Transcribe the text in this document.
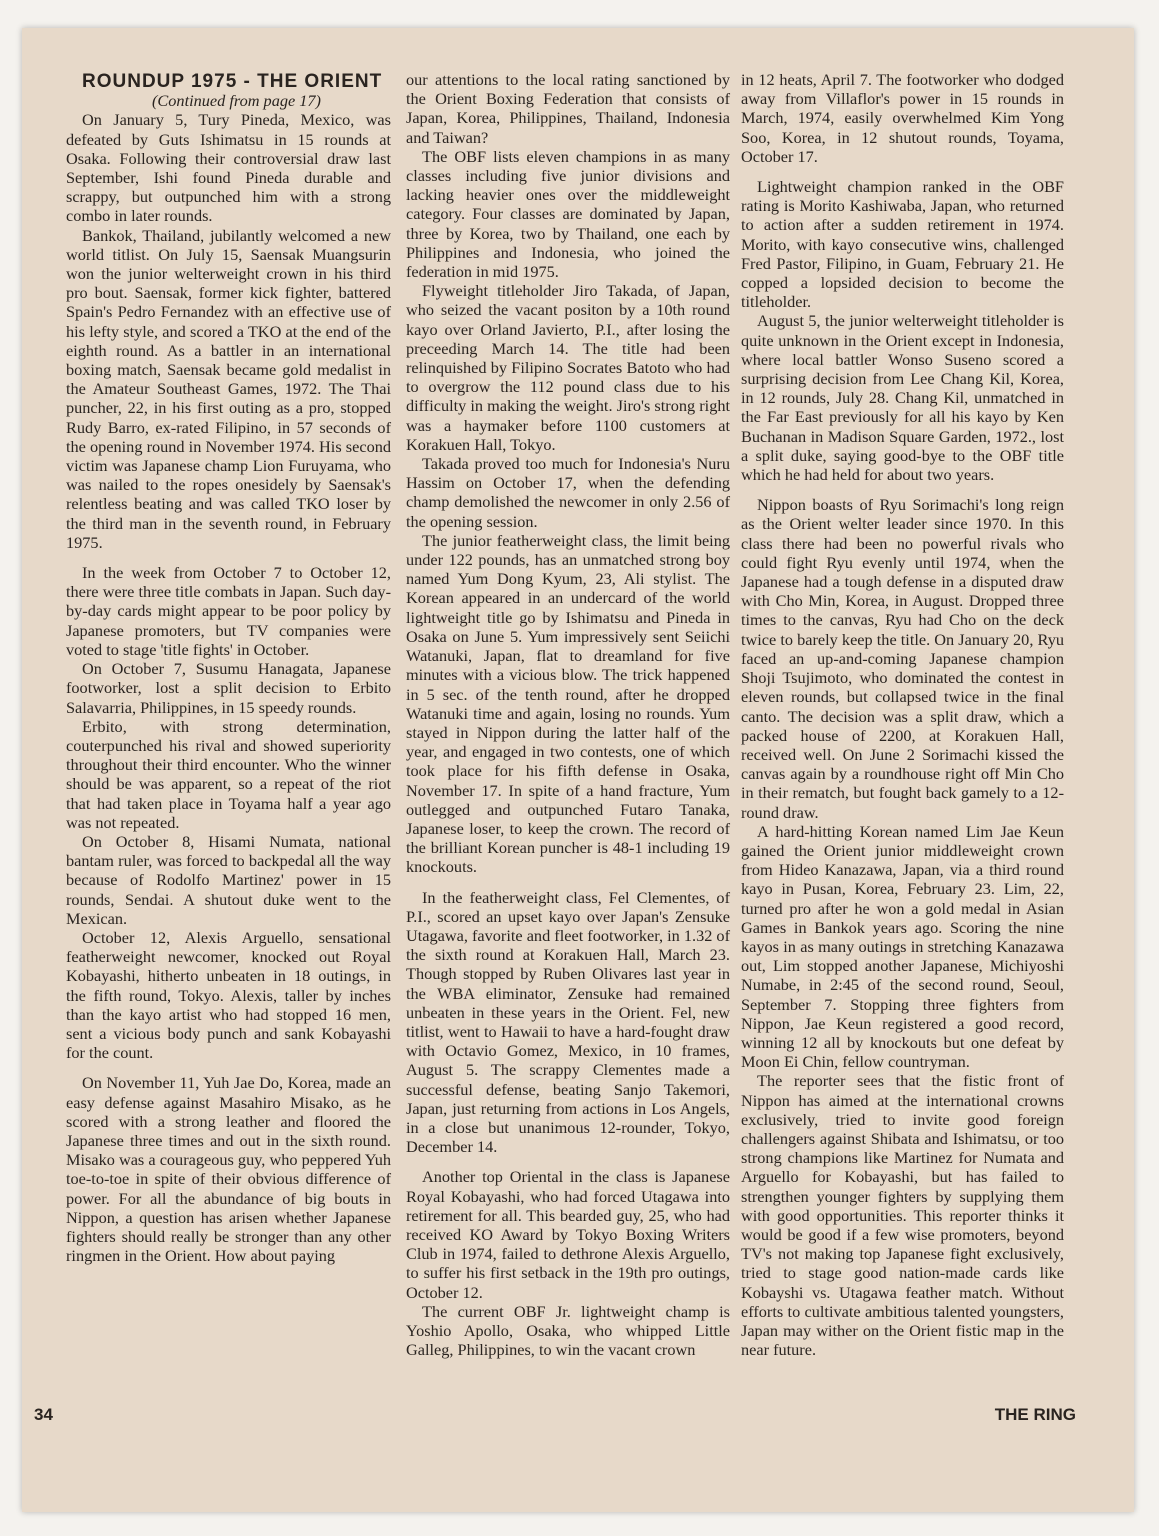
ROUNDUP 1975 - THE ORIENT

(Continued from page 17)

On January 5, Tury Pineda, Mexico, was defeated by Guts Ishimatsu in 15 rounds at Osaka. Following their controversial draw last September, Ishi found Pineda durable and scrappy, but outpunched him with a strong combo in later rounds.

Bankok, Thailand, jubilantly welcomed a new world titlist. On July 15, Saensak Muangsurin won the junior welterweight crown in his third pro bout. Saensak, former kick fighter, battered Spain's Pedro Fernandez with an effective use of his lefty style, and scored a TKO at the end of the eighth round. As a battler in an international boxing match, Saensak became gold medalist in the Amateur Southeast Games, 1972. The Thai puncher, 22, in his first outing as a pro, stopped Rudy Barro, ex-rated Filipino, in 57 seconds of the opening round in November 1974. His second victim was Japanese champ Lion Furuyama, who was nailed to the ropes onesidely by Saensak's relentless beating and was called TKO loser by the third man in the seventh round, in February 1975.

In the week from October 7 to October 12, there were three title combats in Japan. Such day-by-day cards might appear to be poor policy by Japanese promoters, but TV companies were voted to stage 'title fights' in October.

On October 7, Susumu Hanagata, Japanese footworker, lost a split decision to Erbito Salavarria, Philippines, in 15 speedy rounds.

Erbito, with strong determination, couterpunched his rival and showed superiority throughout their third encounter. Who the winner should be was apparent, so a repeat of the riot that had taken place in Toyama half a year ago was not repeated.

On October 8, Hisami Numata, national bantam ruler, was forced to backpedal all the way because of Rodolfo Martinez' power in 15 rounds, Sendai. A shutout duke went to the Mexican.

October 12, Alexis Arguello, sensational featherweight newcomer, knocked out Royal Kobayashi, hitherto unbeaten in 18 outings, in the fifth round, Tokyo. Alexis, taller by inches than the kayo artist who had stopped 16 men, sent a vicious body punch and sank Kobayashi for the count.

On November 11, Yuh Jae Do, Korea, made an easy defense against Masahiro Misako, as he scored with a strong leather and floored the Japanese three times and out in the sixth round. Misako was a courageous guy, who peppered Yuh toe-to-toe in spite of their obvious difference of power. For all the abundance of big bouts in Nippon, a question has arisen whether Japanese fighters should really be stronger than any other ringmen in the Orient. How about paying

our attentions to the local rating sanctioned by the Orient Boxing Federation that consists of Japan, Korea, Philippines, Thailand, Indonesia and Taiwan?

The OBF lists eleven champions in as many classes including five junior divisions and lacking heavier ones over the middleweight category. Four classes are dominated by Japan, three by Korea, two by Thailand, one each by Philippines and Indonesia, who joined the federation in mid 1975.

Flyweight titleholder Jiro Takada, of Japan, who seized the vacant positon by a 10th round kayo over Orland Javierto, P.I., after losing the preceeding March 14. The title had been relinquished by Filipino Socrates Batoto who had to overgrow the 112 pound class due to his difficulty in making the weight. Jiro's strong right was a haymaker before 1100 customers at Korakuen Hall, Tokyo.

Takada proved too much for Indonesia's Nuru Hassim on October 17, when the defending champ demolished the newcomer in only 2.56 of the opening session.

The junior featherweight class, the limit being under 122 pounds, has an unmatched strong boy named Yum Dong Kyum, 23, Ali stylist. The Korean appeared in an undercard of the world lightweight title go by Ishimatsu and Pineda in Osaka on June 5. Yum impressively sent Seiichi Watanuki, Japan, flat to dreamland for five minutes with a vicious blow. The trick happened in 5 sec. of the tenth round, after he dropped Watanuki time and again, losing no rounds. Yum stayed in Nippon during the latter half of the year, and engaged in two contests, one of which took place for his fifth defense in Osaka, November 17. In spite of a hand fracture, Yum outlegged and outpunched Futaro Tanaka, Japanese loser, to keep the crown. The record of the brilliant Korean puncher is 48-1 including 19 knockouts.

In the featherweight class, Fel Clementes, of P.I., scored an upset kayo over Japan's Zensuke Utagawa, favorite and fleet footworker, in 1.32 of the sixth round at Korakuen Hall, March 23. Though stopped by Ruben Olivares last year in the WBA eliminator, Zensuke had remained unbeaten in these years in the Orient. Fel, new titlist, went to Hawaii to have a hard-fought draw with Octavio Gomez, Mexico, in 10 frames, August 5. The scrappy Clementes made a successful defense, beating Sanjo Takemori, Japan, just returning from actions in Los Angels, in a close but unanimous 12-rounder, Tokyo, December 14.

Another top Oriental in the class is Japanese Royal Kobayashi, who had forced Utagawa into retirement for all. This bearded guy, 25, who had received KO Award by Tokyo Boxing Writers Club in 1974, failed to dethrone Alexis Arguello, to suffer his first setback in the 19th pro outings, October 12.

The current OBF Jr. lightweight champ is Yoshio Apollo, Osaka, who whipped Little Galleg, Philippines, to win the vacant crown

in 12 heats, April 7. The footworker who dodged away from Villaflor's power in 15 rounds in March, 1974, easily overwhelmed Kim Yong Soo, Korea, in 12 shutout rounds, Toyama, October 17.

Lightweight champion ranked in the OBF rating is Morito Kashiwaba, Japan, who returned to action after a sudden retirement in 1974. Morito, with kayo consecutive wins, challenged Fred Pastor, Filipino, in Guam, February 21. He copped a lopsided decision to become the titleholder.

August 5, the junior welterweight titleholder is quite unknown in the Orient except in Indonesia, where local battler Wonso Suseno scored a surprising decision from Lee Chang Kil, Korea, in 12 rounds, July 28. Chang Kil, unmatched in the Far East previously for all his kayo by Ken Buchanan in Madison Square Garden, 1972., lost a split duke, saying good-bye to the OBF title which he had held for about two years.

Nippon boasts of Ryu Sorimachi's long reign as the Orient welter leader since 1970. In this class there had been no powerful rivals who could fight Ryu evenly until 1974, when the Japanese had a tough defense in a disputed draw with Cho Min, Korea, in August. Dropped three times to the canvas, Ryu had Cho on the deck twice to barely keep the title. On January 20, Ryu faced an up-and-coming Japanese champion Shoji Tsujimoto, who dominated the contest in eleven rounds, but collapsed twice in the final canto. The decision was a split draw, which a packed house of 2200, at Korakuen Hall, received well. On June 2 Sorimachi kissed the canvas again by a roundhouse right off Min Cho in their rematch, but fought back gamely to a 12-round draw.

A hard-hitting Korean named Lim Jae Keun gained the Orient junior middleweight crown from Hideo Kanazawa, Japan, via a third round kayo in Pusan, Korea, February 23. Lim, 22, turned pro after he won a gold medal in Asian Games in Bankok years ago. Scoring the nine kayos in as many outings in stretching Kanazawa out, Lim stopped another Japanese, Michiyoshi Numabe, in 2:45 of the second round, Seoul, September 7. Stopping three fighters from Nippon, Jae Keun registered a good record, winning 12 all by knockouts but one defeat by Moon Ei Chin, fellow countryman.

The reporter sees that the fistic front of Nippon has aimed at the international crowns exclusively, tried to invite good foreign challengers against Shibata and Ishimatsu, or too strong champions like Martinez for Numata and Arguello for Kobayashi, but has failed to strengthen younger fighters by supplying them with good opportunities. This reporter thinks it would be good if a few wise promoters, beyond TV's not making top Japanese fight exclusively, tried to stage good nation-made cards like Kobayshi vs. Utagawa feather match. Without efforts to cultivate ambitious talented youngsters, Japan may wither on the Orient fistic map in the near future.

34	THE RING
